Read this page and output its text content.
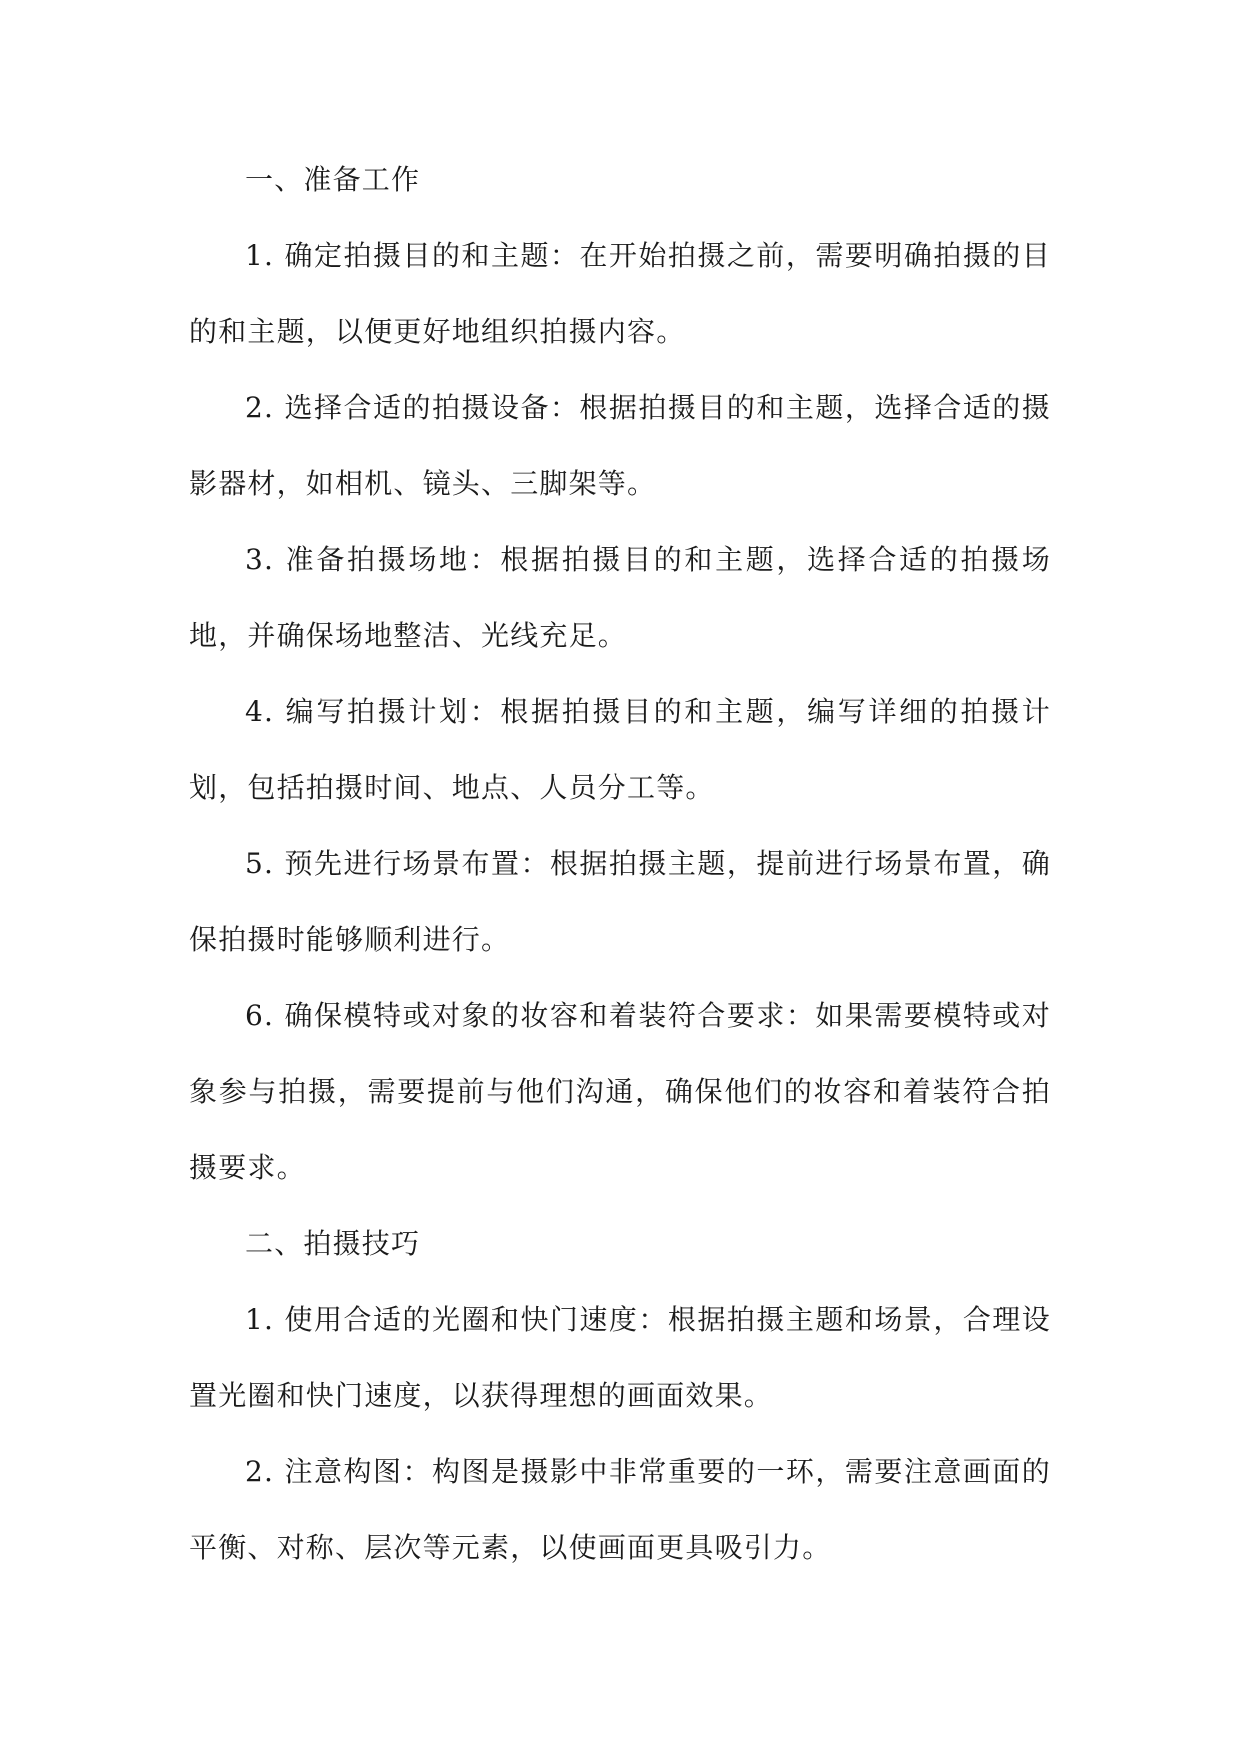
一、准备工作

1. 确定拍摄目的和主题：在开始拍摄之前，需要明确拍摄的目的和主题，以便更好地组织拍摄内容。

2. 选择合适的拍摄设备：根据拍摄目的和主题，选择合适的摄影器材，如相机、镜头、三脚架等。

3. 准备拍摄场地：根据拍摄目的和主题，选择合适的拍摄场地，并确保场地整洁、光线充足。

4. 编写拍摄计划：根据拍摄目的和主题，编写详细的拍摄计划，包括拍摄时间、地点、人员分工等。

5. 预先进行场景布置：根据拍摄主题，提前进行场景布置，确保拍摄时能够顺利进行。

6. 确保模特或对象的妆容和着装符合要求：如果需要模特或对象参与拍摄，需要提前与他们沟通，确保他们的妆容和着装符合拍摄要求。

二、拍摄技巧

1. 使用合适的光圈和快门速度：根据拍摄主题和场景，合理设置光圈和快门速度，以获得理想的画面效果。

2. 注意构图：构图是摄影中非常重要的一环，需要注意画面的平衡、对称、层次等元素，以使画面更具吸引力。
